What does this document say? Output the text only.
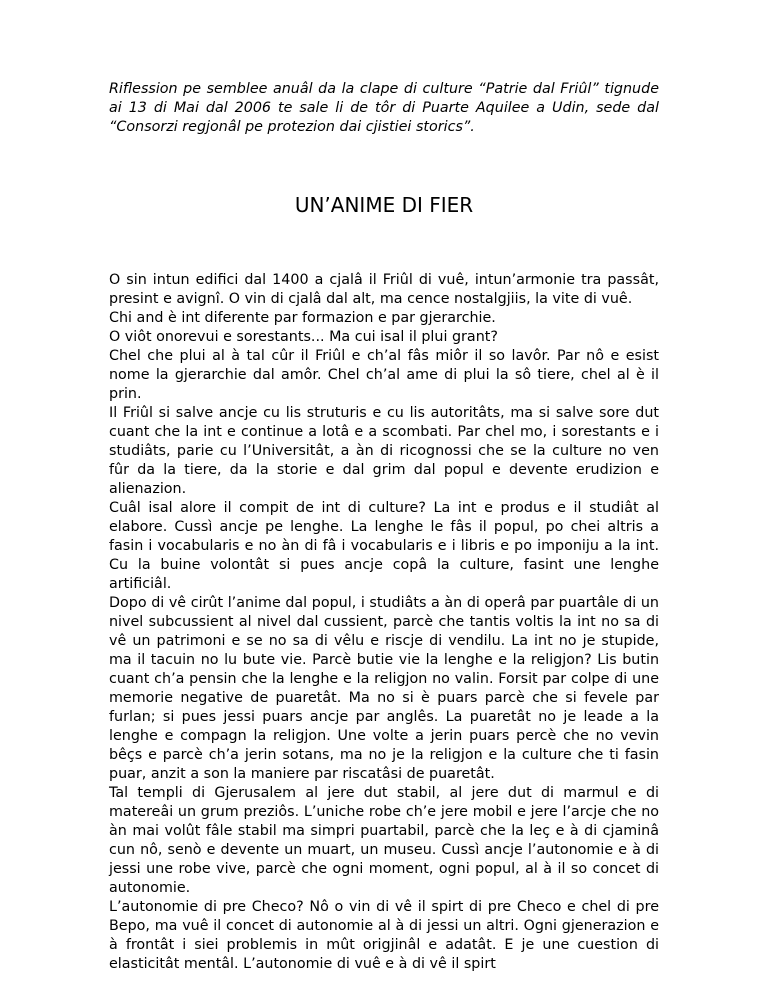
Riflession pe semblee anuâl da la clape di culture “Patrie dal Friûl” tignude ai 13 di Mai dal 2006 te sale li de tôr di Puarte Aquilee a Udin, sede dal “Consorzi regjonâl pe protezion dai cjistiei storics”.

UN’ANIME DI FIER

O sin intun edifici dal 1400 a cjalâ il Friûl di vuê, intun’armonie tra passât, presint e avignî. O vin di cjalâ dal alt, ma cence nostalgjiis, la vite di vuê.

Chi and è int diferente par formazion e par gjerarchie.

O viôt onorevui e sorestants... Ma cui isal il plui grant?

Chel che plui al à tal cûr il Friûl e ch’al fâs miôr il so lavôr. Par nô e esist nome la gjerarchie dal amôr. Chel ch’al ame di plui la sô tiere, chel al è il prin.

Il Friûl si salve ancje cu lis struturis e cu lis autoritâts, ma si salve sore dut cuant che la int e continue a lotâ e a scombati. Par chel mo, i sorestants e i studiâts, parie cu l’Universitât, a àn di ricognossi che se la culture no ven fûr da la tiere, da la storie e dal grim dal popul e devente erudizion e alienazion.

Cuâl isal alore il compit de int di culture? La int e produs e il studiât al elabore. Cussì ancje pe lenghe. La lenghe le fâs il popul, po chei altris a fasin i vocabularis e no àn di fâ i vocabularis e i libris e po imponiju a la int. Cu la buine volontât si pues ancje copâ la culture, fasint une lenghe artificiâl.

Dopo di vê cirût l’anime dal popul, i studiâts a àn di operâ par puartâle di un nivel subcussient al nivel dal cussient, parcè che tantis voltis la int no sa di vê un patrimoni e se no sa di vêlu e riscje di vendilu. La int no je stupide, ma il tacuin no lu bute vie. Parcè butie vie la lenghe e la religjon? Lis butin cuant ch’a pensin che la lenghe e la religjon no valin. Forsit par colpe di une memorie negative de puaretât. Ma no si è puars parcè che si fevele par furlan; si pues jessi puars ancje par anglês. La puaretât no je leade a la lenghe e compagn la religjon. Une volte a jerin puars percè che no vevin bêçs e parcè ch’a jerin sotans, ma no je la religjon e la culture che ti fasin puar, anzit a son la maniere par riscatâsi de puaretât.

Tal templi di Gjerusalem al jere dut stabil, al jere dut di marmul e di matereâi un grum preziôs. L’uniche robe ch’e jere mobil e jere l’arcje che no àn mai volût fâle stabil ma simpri puartabil, parcè che la leç e à di cjaminâ cun nô, senò e devente un muart, un museu. Cussì ancje l’autonomie e à di jessi une robe vive, parcè che ogni moment, ogni popul, al à il so concet di autonomie.

L’autonomie di pre Checo? Nô o vin di vê il spirt di pre Checo e chel di pre Bepo, ma vuê il concet di autonomie al à di jessi un altri. Ogni gjenerazion e à frontât i siei problemis in mût origjinâl e adatât. E je une cuestion di elasticitât mentâl. L’autonomie di vuê e à di vê il spirt
